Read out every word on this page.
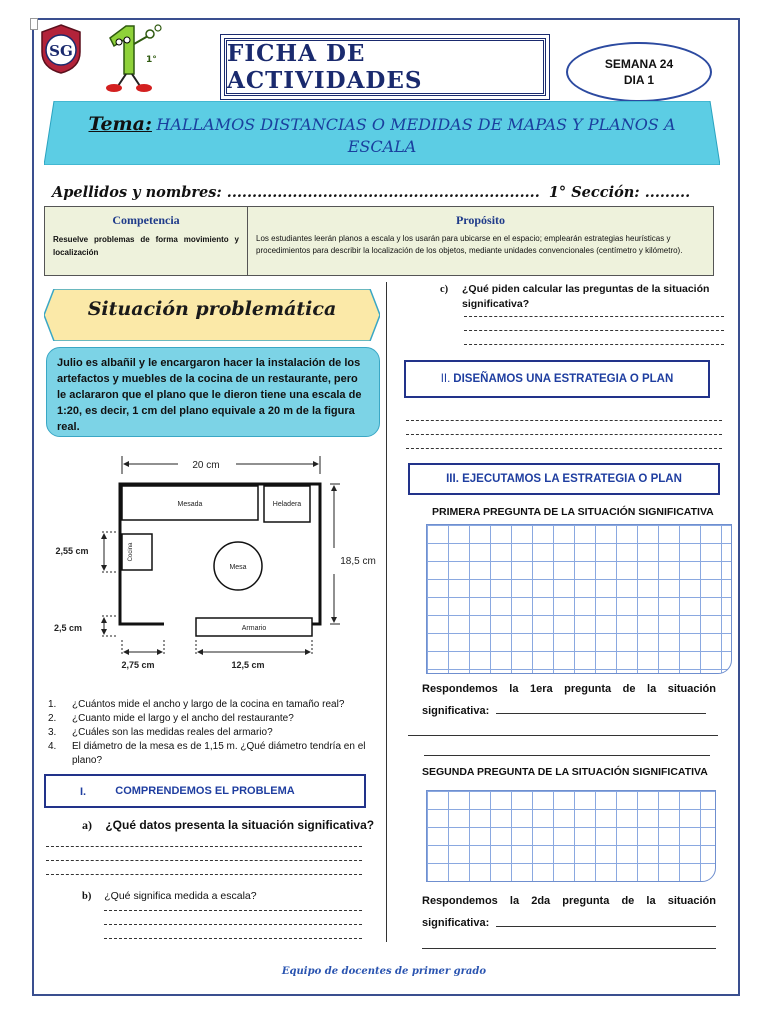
SG	1°	FICHA DE ACTIVIDADES
SEMANA 24
DIA 1
Tema: HALLAMOS DISTANCIAS O MEDIDAS DE MAPAS Y PLANOS A
ESCALA
Apellidos y nombres: .............................................................. 1° Sección: .........
Competencia
Resuelve problemas de forma movimiento y localización
Propósito
Los estudiantes leerán planos a escala y los usarán para ubicarse en el espacio; emplearán estrategias heurísticas y procedimientos para describir la localización de los objetos, mediante unidades convencionales (centímetro y kilómetro).
Situación problemática
Julio es albañil y le encargaron hacer la instalación de los artefactos y muebles de la cocina de un restaurante, pero le aclararon que el plano que le dieron tiene una escala de 1:20, es decir, 1 cm del plano equivale a 20 m de la figura real.
20 cm
18,5 cm
Mesada	Heladera
Cocina
Mesa
Armario
2,55 cm
2,5 cm
2,75 cm	12,5 cm
1.	¿Cuántos mide el ancho y largo de la cocina en tamaño real?
2.	¿Cuanto mide el largo y el ancho del restaurante?
3.	¿Cuáles son las medidas reales del armario?
4.	El diámetro de la mesa es de 1,15 m. ¿Qué diámetro tendría en el plano?
I.	COMPRENDEMOS EL PROBLEMA
a) ¿Qué datos presenta la situación significativa?
b) ¿Qué significa medida a escala?
c) ¿Qué piden calcular las preguntas de la situación
significativa?
II. DISEÑAMOS UNA ESTRATEGIA O PLAN
III. EJECUTAMOS LA ESTRATEGIA O PLAN
PRIMERA PREGUNTA DE LA SITUACIÓN SIGNIFICATIVA
Respondemos la 1era pregunta de la situación
significativa:
SEGUNDA PREGUNTA DE LA SITUACIÓN SIGNIFICATIVA
Respondemos la 2da pregunta de la situación
significativa:
Equipo de docentes de primer grado
